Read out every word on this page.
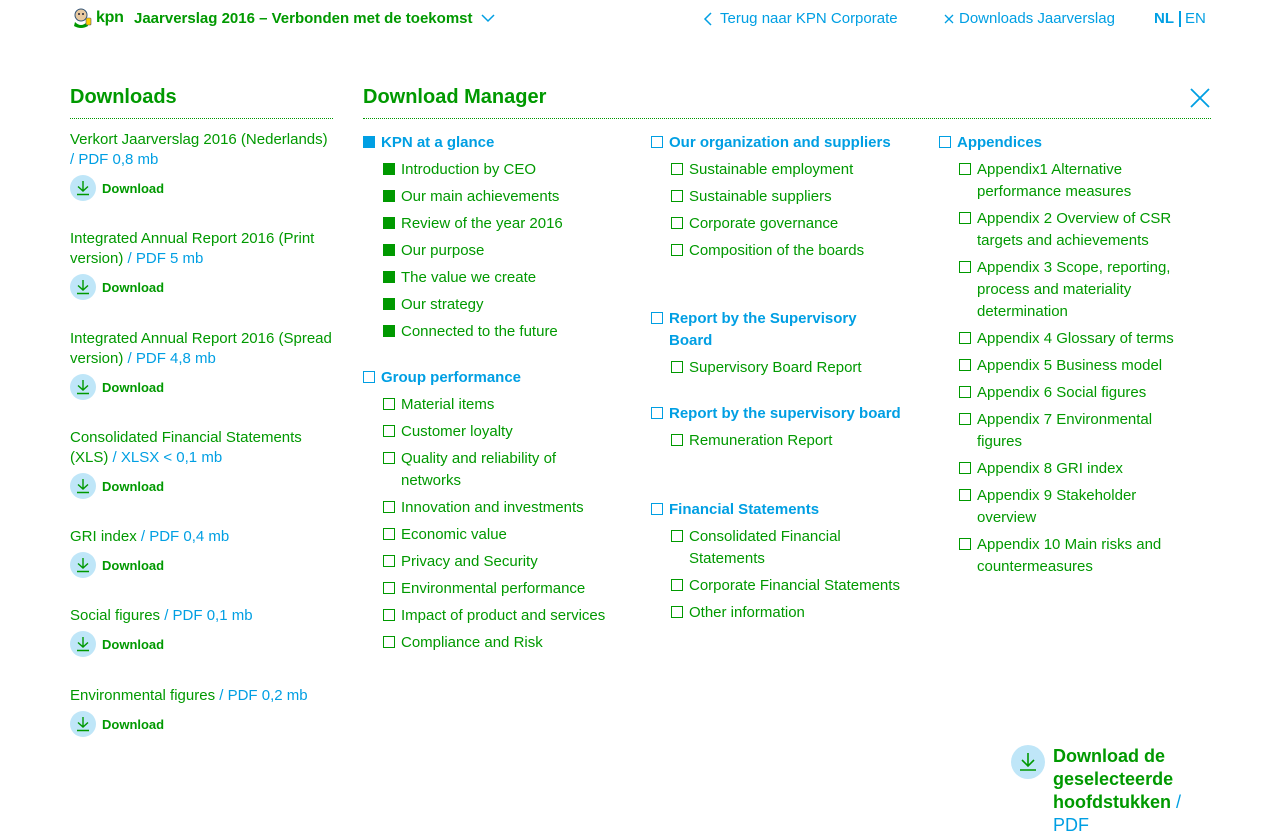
kpn Jaarverslag 2016 – Verbonden met de toekomst	Terug naar KPN Corporate	Downloads Jaarverslag	NL EN
Downloads
Verkort Jaarverslag 2016 (Nederlands) / PDF 0,8 mb
Download
Integrated Annual Report 2016 (Print version) / PDF 5 mb
Download
Integrated Annual Report 2016 (Spread version) / PDF 4,8 mb
Download
Consolidated Financial Statements (XLS) / XLSX < 0,1 mb
Download
GRI index / PDF 0,4 mb
Download
Social figures / PDF 0,1 mb
Download
Environmental figures / PDF 0,2 mb
Download
Download Manager
KPN at a glance
Introduction by CEO
Our main achievements
Review of the year 2016
Our purpose
The value we create
Our strategy
Connected to the future
Group performance
Material items
Customer loyalty
Quality and reliability of networks
Innovation and investments
Economic value
Privacy and Security
Environmental performance
Impact of product and services
Compliance and Risk
Our organization and suppliers
Sustainable employment
Sustainable suppliers
Corporate governance
Composition of the boards
Report by the Supervisory Board
Supervisory Board Report
Report by the supervisory board
Remuneration Report
Financial Statements
Consolidated Financial Statements
Corporate Financial Statements
Other information
Appendices
Appendix1 Alternative performance measures
Appendix 2 Overview of CSR targets and achievements
Appendix 3 Scope, reporting, process and materiality determination
Appendix 4 Glossary of terms
Appendix 5 Business model
Appendix 6 Social figures
Appendix 7 Environmental figures
Appendix 8 GRI index
Appendix 9 Stakeholder overview
Appendix 10 Main risks and countermeasures
Download de geselecteerde hoofdstukken / PDF
